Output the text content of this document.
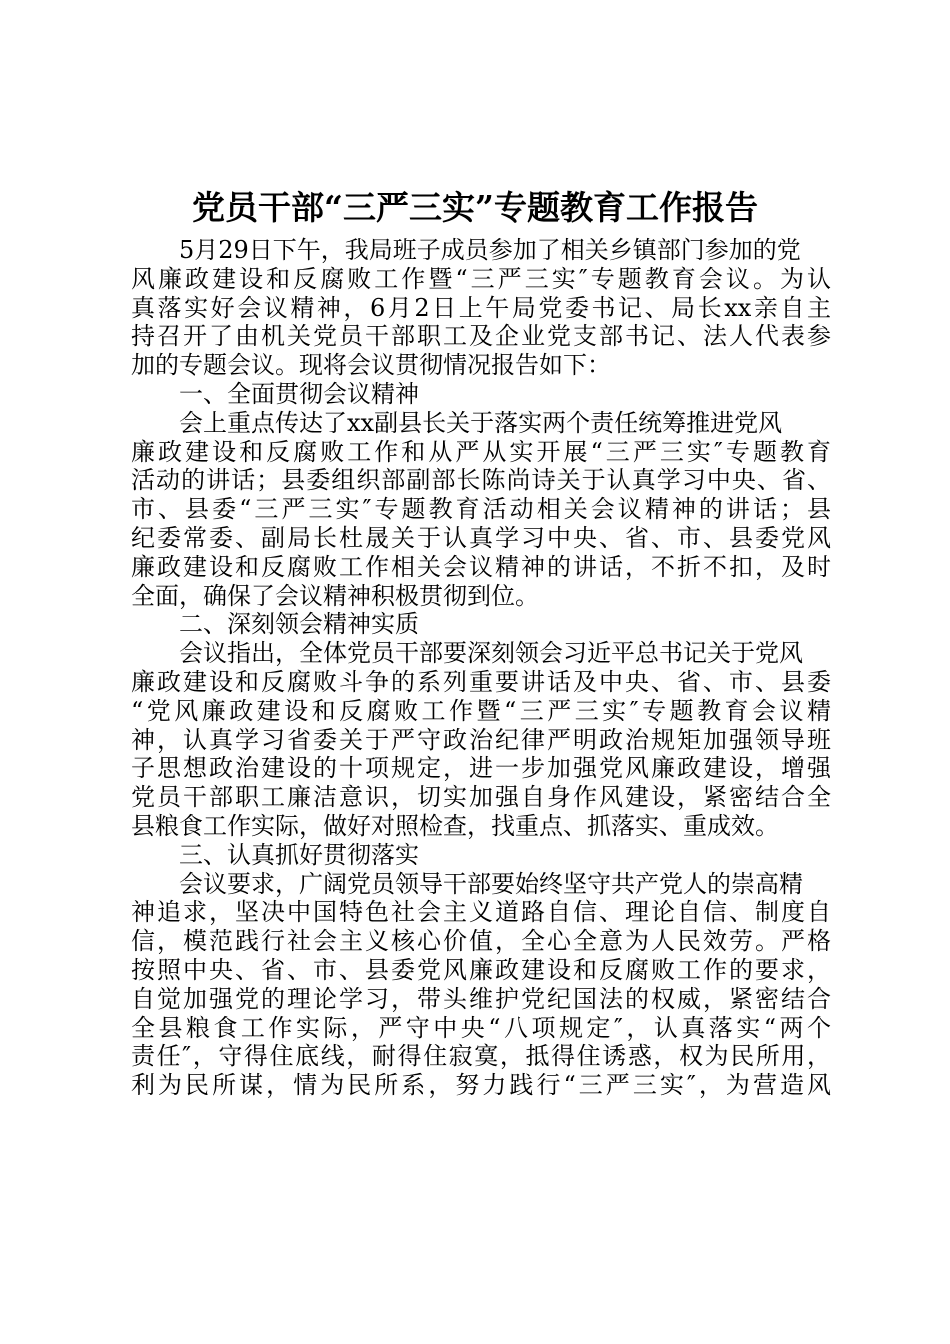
党员干部“三严三实”专题教育工作报告
5月29日下午，我局班子成员参加了相关乡镇部门参加的党
风廉政建设和反腐败工作暨“三严三实″专题教育会议。为认
真落实好会议精神，6月2日上午局党委书记、局长xx亲自主
持召开了由机关党员干部职工及企业党支部书记、法人代表参
加的专题会议。现将会议贯彻情况报告如下：
一、全面贯彻会议精神
会上重点传达了xx副县长关于落实两个责任统筹推进党风
廉政建设和反腐败工作和从严从实开展“三严三实″专题教育
活动的讲话；县委组织部副部长陈尚诗关于认真学习中央、省、
市、县委“三严三实″专题教育活动相关会议精神的讲话；县
纪委常委、副局长杜晟关于认真学习中央、省、市、县委党风
廉政建设和反腐败工作相关会议精神的讲话，不折不扣，及时
全面，确保了会议精神积极贯彻到位。
二、深刻领会精神实质
会议指出，全体党员干部要深刻领会习近平总书记关于党风
廉政建设和反腐败斗争的系列重要讲话及中央、省、市、县委
“党风廉政建设和反腐败工作暨“三严三实″专题教育会议精
神，认真学习省委关于严守政治纪律严明政治规矩加强领导班
子思想政治建设的十项规定，进一步加强党风廉政建设，增强
党员干部职工廉洁意识，切实加强自身作风建设，紧密结合全
县粮食工作实际，做好对照检查，找重点、抓落实、重成效。
三、认真抓好贯彻落实
会议要求，广阔党员领导干部要始终坚守共产党人的崇高精
神追求，坚决中国特色社会主义道路自信、理论自信、制度自
信，模范践行社会主义核心价值，全心全意为人民效劳。严格
按照中央、省、市、县委党风廉政建设和反腐败工作的要求，
自觉加强党的理论学习，带头维护党纪国法的权威，紧密结合
全县粮食工作实际，严守中央“八项规定″，认真落实“两个
责任″，守得住底线，耐得住寂寞，抵得住诱惑，权为民所用，
利为民所谋，情为民所系，努力践行“三严三实″，为营造风
